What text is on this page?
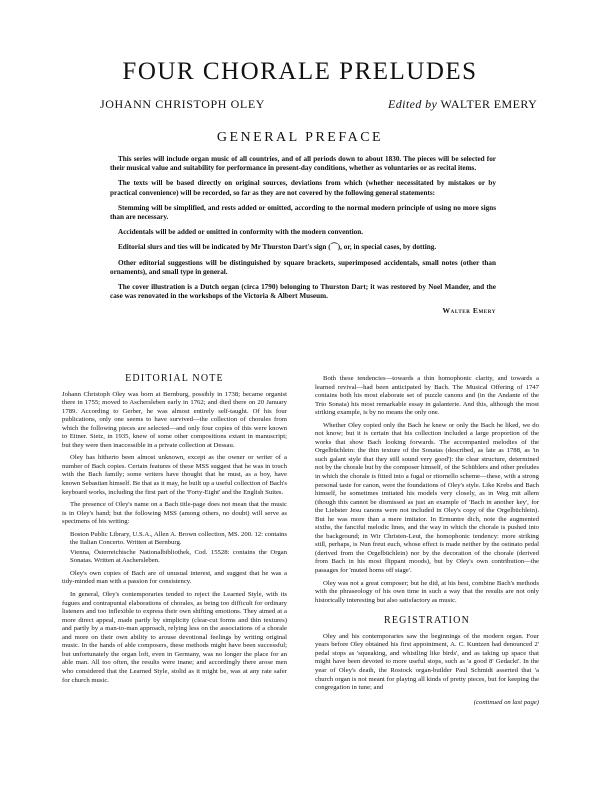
FOUR CHORALE PRELUDES
JOHANN CHRISTOPH OLEY	Edited by WALTER EMERY
GENERAL PREFACE

This series will include organ music of all countries, and of all periods down to about 1830. The pieces will be selected for their musical value and suitability for performance in present-day conditions, whether as voluntaries or as recital items.

The texts will be based directly on original sources, deviations from which (whether necessitated by mistakes or by practical convenience) will be recorded, so far as they are not covered by the following general statements:

Stemming will be simplified, and rests added or omitted, according to the normal modern principle of using no more signs than are necessary.

Accidentals will be added or omitted in conformity with the modern convention.

Editorial slurs and ties will be indicated by Mr Thurston Dart's sign (⌒), or, in special cases, by dotting.

Other editorial suggestions will be distinguished by square brackets, superimposed accidentals, small notes (other than ornaments), and small type in general.

The cover illustration is a Dutch organ (circa 1790) belonging to Thurston Dart; it was restored by Noel Mander, and the case was renovated in the workshops of the Victoria & Albert Museum.

Walter Emery
EDITORIAL NOTE

Johann Christoph Oley was born at Bernburg, possibly in 1738; became organist there in 1755; moved to Aschersleben early in 1762; and died there on 20 January 1789. According to Gerber, he was almost entirely self-taught. Of his four publications, only one seems to have survived—the collection of chorales from which the following pieces are selected—and only four copies of this were known to Eitner. Sietz, in 1935, knew of some other compositions extant in manuscript; but they were then inaccessible in a private collection at Dessau.

Oley has hitherto been almost unknown, except as the owner or writer of a number of Bach copies. Certain features of these MSS suggest that he was in touch with the Bach family; some writers have thought that he must, as a boy, have known Sebastian himself. Be that as it may, he built up a useful collection of Bach's keyboard works, including the first part of the 'Forty-Eight' and the English Suites.

The presence of Oley's name on a Bach title-page does not mean that the music is in Oley's hand; but the following MSS (among others, no doubt) will serve as specimens of his writing:

Boston Public Library, U.S.A., Allen A. Brown collection, MS. 200. 12: contains the Italian Concerto. Written at Bernburg.
Vienna, Österreichische Nationalbibliothek, Cod. 15528: contains the Organ Sonatas. Written at Aschersleben.

Oley's own copies of Bach are of unusual interest, and suggest that he was a tidy-minded man with a passion for consistency.

In general, Oley's contemporaries tended to reject the Learned Style, with its fugues and contrapuntal elaborations of chorales, as being too difficult for ordinary listeners and too inflexible to express their own shifting emotions. They aimed at a more direct appeal, made partly by simplicity (clear-cut forms and thin textures) and partly by a man-to-man approach, relying less on the associations of a chorale and more on their own ability to arouse devotional feelings by writing original music. In the hands of able composers, these methods might have been successful; but unfortunately the organ loft, even in Germany, was no longer the place for an able man. All too often, the results were inane; and accordingly there arose men who considered that the Learned Style, stolid as it might be, was at any rate safer for church music.

Both these tendencies—towards a thin homophonic clarity, and towards a learned revival—had been anticipated by Bach. The Musical Offering of 1747 contains both his most elaborate set of puzzle canons and (in the Andante of the Trio Sonata) his most remarkable essay in galanterie. And this, although the most striking example, is by no means the only one.

Whether Oley copied only the Bach he knew or only the Bach he liked, we do not know; but it is certain that his collection included a large proportion of the works that show Bach looking forwards. The accompanied melodies of the Orgelbüchlein: the thin texture of the Sonatas (described, as late as 1788, as 'in such galant style that they still sound very good'): the clear structure, determined not by the chorale but by the composer himself, of the Schüblers and other preludes in which the chorale is fitted into a fugal or ritornello scheme—these, with a strong personal taste for canon, were the foundations of Oley's style. Like Krebs and Bach himself, he sometimes imitated his models very closely, as in Weg mit allem (though this cannot be dismissed as just an example of 'Bach in another key', for the Liebster Jesu canons were not included in Oley's copy of the Orgelbüchlein). But he was more than a mere imitator. In Ermuntre dich, note the augmented sixths, the fanciful melodic lines, and the way in which the chorale is pushed into the background; in Wir Christen-Leut, the homophonic tendency: more striking still, perhaps, is Nun freut euch, whose effect is made neither by the ostinato pedal (derived from the Orgelbüchlein) nor by the decoration of the chorale (derived from Bach in his most flippant moods), but by Oley's own contribution—the passages for 'muted horns off stage'.

Oley was not a great composer; but he did, at his best, combine Bach's methods with the phraseology of his own time in such a way that the results are not only historically interesting but also satisfactory as music.

REGISTRATION

Oley and his contemporaries saw the beginnings of the modern organ. Four years before Oley obtained his first appointment, A. C. Kuntzen had denounced 2' pedal stops as 'squeaking, and whistling like birds', and as taking up space that might have been devoted to more useful stops, such as 'a good 8' Gedackt'. In the year of Oley's death, the Rostock organ-builder Paul Schmidt asserted that 'a church organ is not meant for playing all kinds of pretty pieces, but for keeping the congregation in tune; and

(continued on last page)
